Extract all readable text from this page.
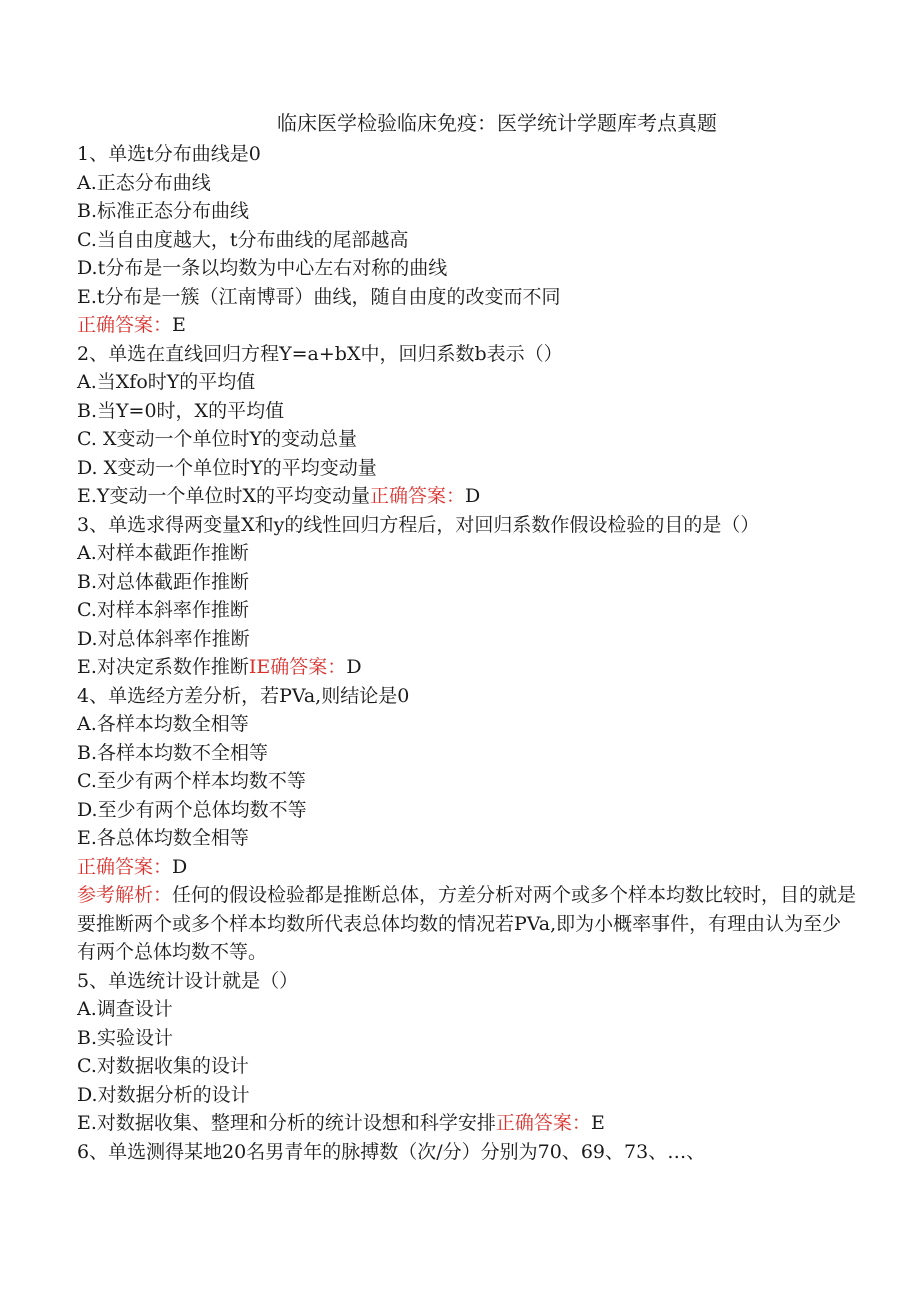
临床医学检验临床免疫：医学统计学题库考点真题
1、单选t分布曲线是0
A.正态分布曲线
B.标准正态分布曲线
C.当自由度越大，t分布曲线的尾部越高
D.t分布是一条以均数为中心左右对称的曲线
E.t分布是一簇（江南博哥）曲线，随自由度的改变而不同
正确答案：E
2、单选在直线回归方程Y=a+bX中，回归系数b表示（）
A.当Xfo时Y的平均值
B.当Y=0时，X的平均值
C. X变动一个单位时Y的变动总量
D. X变动一个单位时Y的平均变动量
E.Y变动一个单位时X的平均变动量正确答案：D
3、单选求得两变量X和y的线性回归方程后，对回归系数作假设检验的目的是（）
A.对样本截距作推断
B.对总体截距作推断
C.对样本斜率作推断
D.对总体斜率作推断
E.对决定系数作推断IE确答案：D
4、单选经方差分析，若PVa,则结论是0
A.各样本均数全相等
B.各样本均数不全相等
C.至少有两个样本均数不等
D.至少有两个总体均数不等
E.各总体均数全相等
正确答案：D
参考解析：任何的假设检验都是推断总体，方差分析对两个或多个样本均数比较时，目的就是要推断两个或多个样本均数所代表总体均数的情况若PVa,即为小概率事件，有理由认为至少有两个总体均数不等。
5、单选统计设计就是（）
A.调查设计
B.实验设计
C.对数据收集的设计
D.对数据分析的设计
E.对数据收集、整理和分析的统计设想和科学安排正确答案：E
6、单选测得某地20名男青年的脉搏数（次/分）分别为70、69、73、…、
